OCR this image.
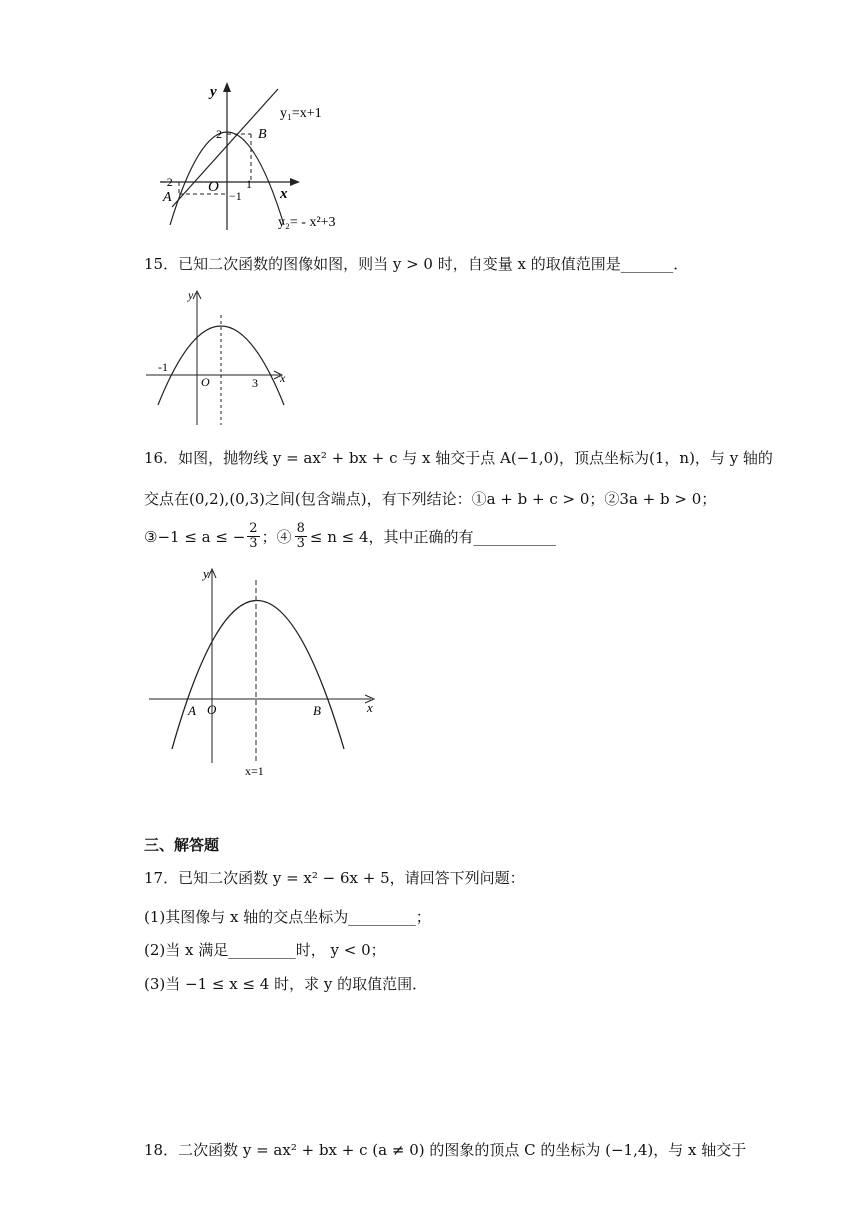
y
x
O
2
−2	1
−1
A
B
y₁=x+1
y₂= - x²+3
15．已知二次函数的图像如图，则当 y > 0 时，自变量 x 的取值范围是_______．
y
x
O
-1
3
16．如图，抛物线 y = ax² + bx + c 与 x 轴交于点 A(−1,0)，顶点坐标为(1，n)，与 y 轴的
交点在(0,2),(0,3)之间(包含端点)，有下列结论：①a + b + c > 0；②3a + b > 0；
③−1 ≤ a ≤ − $\frac{2}{3}$ ；④ $\frac{8}{3} \le n \le 4$，其中正确的有___________
y
x
O
A	B
x=1
三、解答题
17．已知二次函数 y = x² − 6x + 5，请回答下列问题：
(1)其图像与 x 轴的交点坐标为_________；
(2)当 x 满足_________时， y < 0；
(3)当 −1 ≤ x ≤ 4 时，求 y 的取值范围．
18．二次函数 y = ax² + bx + c (a ≠ 0) 的图象的顶点 C 的坐标为 (−1,4)，与 x 轴交于
